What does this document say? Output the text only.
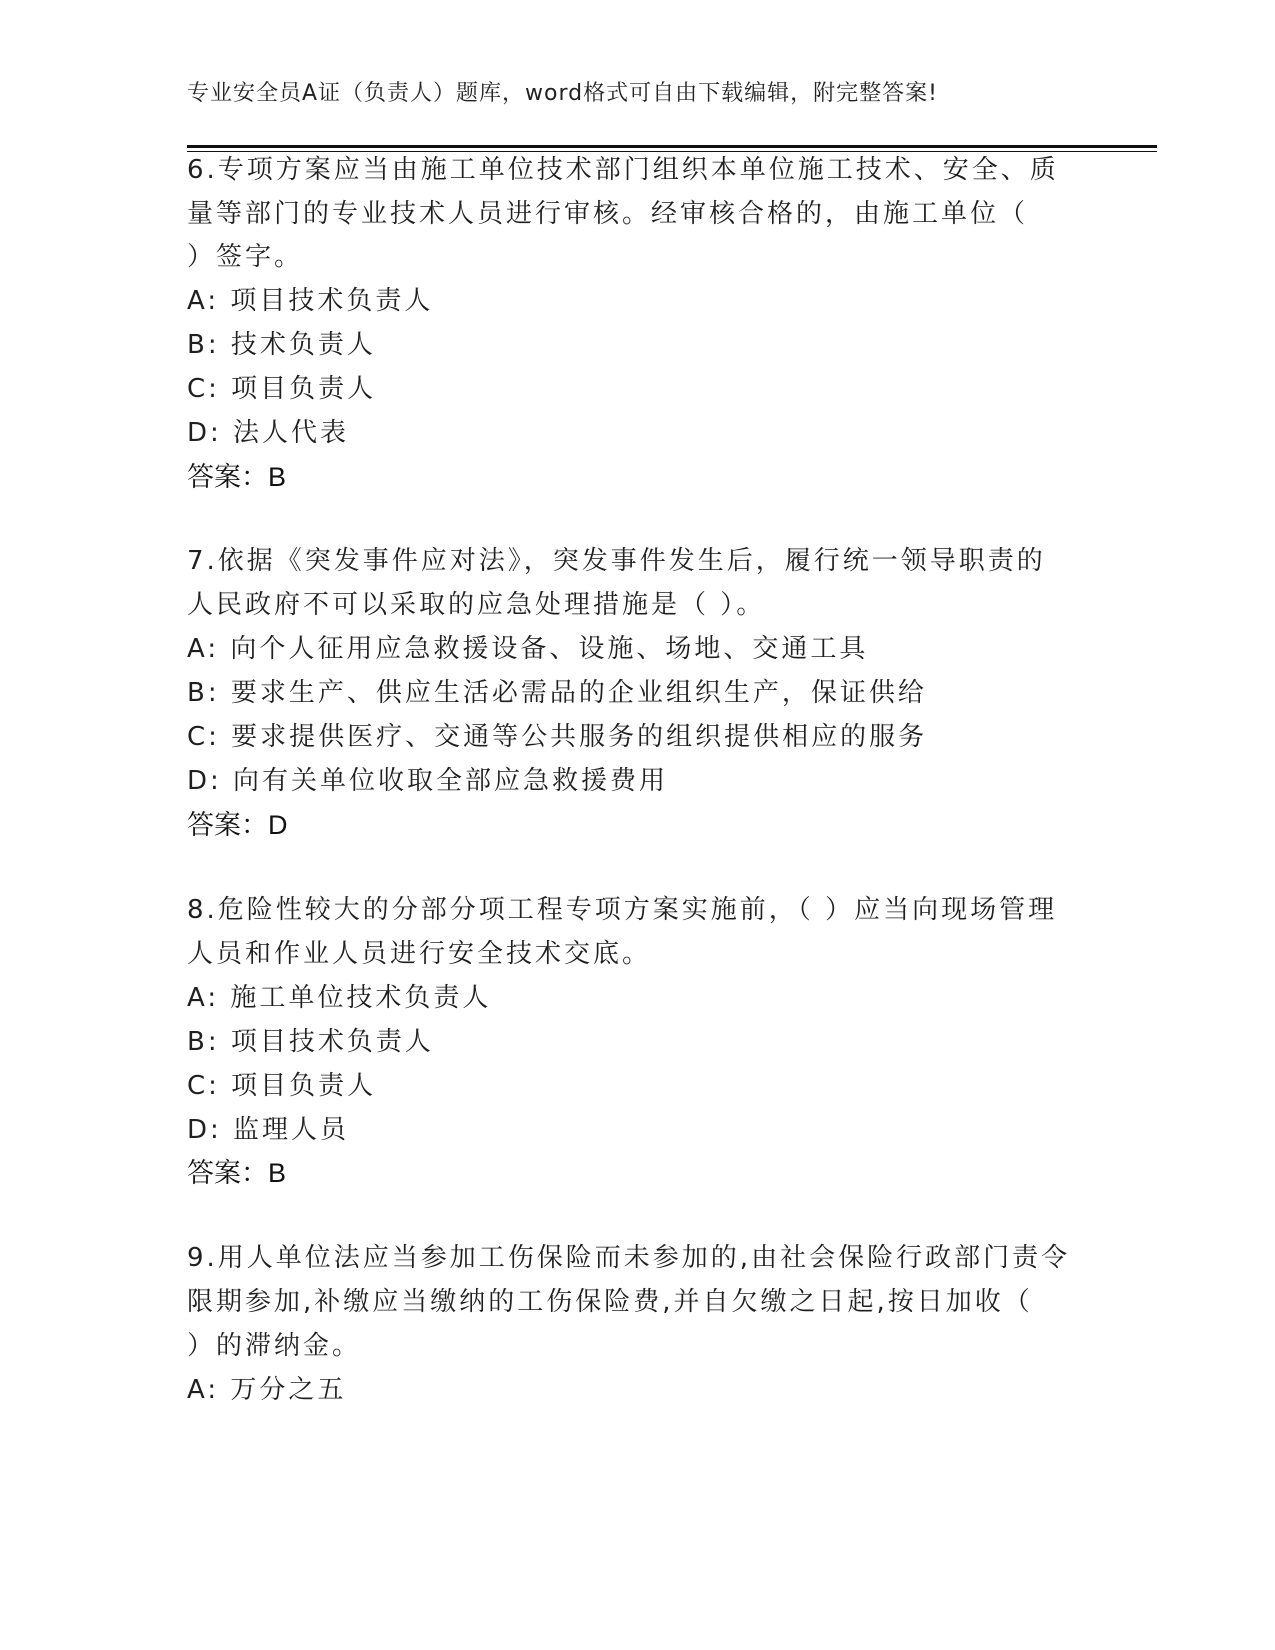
专业安全员A证（负责人）题库，word格式可自由下载编辑，附完整答案!
6.专项方案应当由施工单位技术部门组织本单位施工技术、安全、质
量等部门的专业技术人员进行审核。经审核合格的，由施工单位（
）签字。
A: 项目技术负责人
B: 技术负责人
C: 项目负责人
D: 法人代表
答案：B
7.依据《突发事件应对法》，突发事件发生后，履行统一领导职责的
人民政府不可以采取的应急处理措施是（ ）。
A: 向个人征用应急救援设备、设施、场地、交通工具
B: 要求生产、供应生活必需品的企业组织生产，保证供给
C: 要求提供医疗、交通等公共服务的组织提供相应的服务
D: 向有关单位收取全部应急救援费用
答案：D
8.危险性较大的分部分项工程专项方案实施前，（ ）应当向现场管理
人员和作业人员进行安全技术交底。
A: 施工单位技术负责人
B: 项目技术负责人
C: 项目负责人
D: 监理人员
答案：B
9.用人单位法应当参加工伤保险而未参加的,由社会保险行政部门责令
限期参加,补缴应当缴纳的工伤保险费,并自欠缴之日起,按日加收（
）的滞纳金。
A: 万分之五
